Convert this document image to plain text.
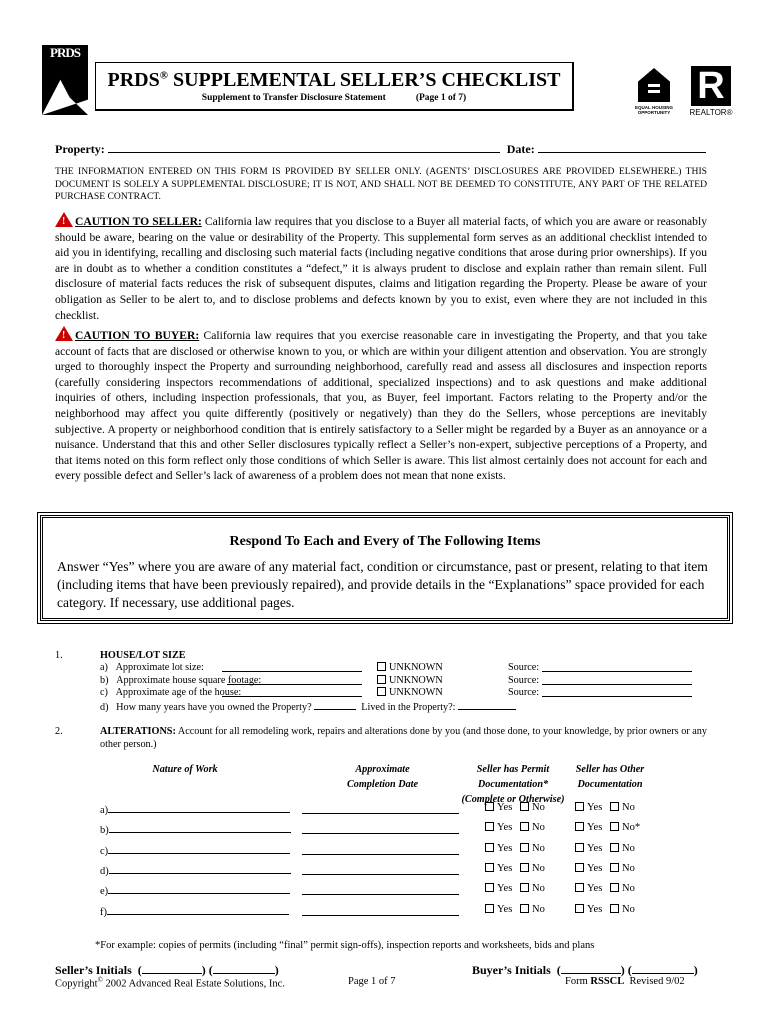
PRDS
PRDS® SUPPLEMENTAL SELLER’S CHECKLIST
Supplement to Transfer Disclosure Statement	(Page 1 of 7)
EQUAL HOUSING OPPORTUNITY
R
REALTOR®
Property:	Date:
THE INFORMATION ENTERED ON THIS FORM IS PROVIDED BY SELLER ONLY. (AGENTS’ DISCLOSURES ARE PROVIDED ELSEWHERE.) THIS DOCUMENT IS SOLELY A SUPPLEMENTAL DISCLOSURE; IT IS NOT, AND SHALL NOT BE DEEMED TO CONSTITUTE, ANY PART OF THE RELATED PURCHASE CONTRACT.
! CAUTION TO SELLER: California law requires that you disclose to a Buyer all material facts, of which you are aware or reasonably should be aware, bearing on the value or desirability of the Property. This supplemental form serves as an additional checklist intended to aid you in identifying, recalling and disclosing such material facts (including negative conditions that arose during prior ownerships). If you are in doubt as to whether a condition constitutes a “defect,” it is always prudent to disclose and explain rather than remain silent. Full disclosure of material facts reduces the risk of subsequent disputes, claims and litigation regarding the Property. Please be aware of your obligation as Seller to be alert to, and to disclose problems and defects known by you to exist, even where they are not included in this checklist.
! CAUTION TO BUYER: California law requires that you exercise reasonable care in investigating the Property, and that you take account of facts that are disclosed or otherwise known to you, or which are within your diligent attention and observation. You are strongly urged to thoroughly inspect the Property and surrounding neighborhood, carefully read and assess all disclosures and inspection reports (carefully considering inspectors recommendations of additional, specialized inspections) and to ask questions and make additional inquiries of others, including inspection professionals, that you, as Buyer, feel important. Factors relating to the Property and/or the neighborhood may affect you quite differently (positively or negatively) than they do the Sellers, whose perceptions are inevitably subjective. A property or neighborhood condition that is entirely satisfactory to a Seller might be regarded by a Buyer as an annoyance or a nuisance. Understand that this and other Seller disclosures typically reflect a Seller’s non-expert, subjective perceptions of a Property, and that items noted on this form reflect only those conditions of which Seller is aware. This list almost certainly does not account for each and every possible defect and Seller’s lack of awareness of a problem does not mean that none exists.
Respond To Each and Every of The Following Items
Answer “Yes” where you are aware of any material fact, condition or circumstance, past or present, relating to that item (including items that have been previously repaired), and provide details in the “Explanations” space provided for each category. If necessary, use additional pages.
1.	HOUSE/LOT SIZE
d) How many years have you owned the Property?	Lived in the Property?:
2.	ALTERATIONS: Account for all remodeling work, repairs and alterations done by you (and those done, to your knowledge, by prior owners or any other person.)
Nature of Work	Approximate Completion Date
Seller has Permit Documentation*
(Complete or Otherwise)
Seller has Other Documentation
*For example: copies of permits (including “final” permit sign-offs), inspection reports and worksheets, bids and plans
Seller’s Initials  (	) (	)	Buyer’s Initials  (	) (	)
Copyright© 2002 Advanced Real Estate Solutions, Inc.	Page 1 of 7	Form RSSCL  Revised 9/02
a) Approximate lot size:	UNKNOWN	Source:
b) Approximate house square footage:	UNKNOWN	Source:
c) Approximate age of the house:	UNKNOWN	Source:
a)	Yes	No	Yes	No
b)	Yes	No	Yes	No*
c)	Yes	No	Yes	No
d)	Yes	No	Yes	No
e)	Yes	No	Yes	No
f)	Yes	No	Yes	No
